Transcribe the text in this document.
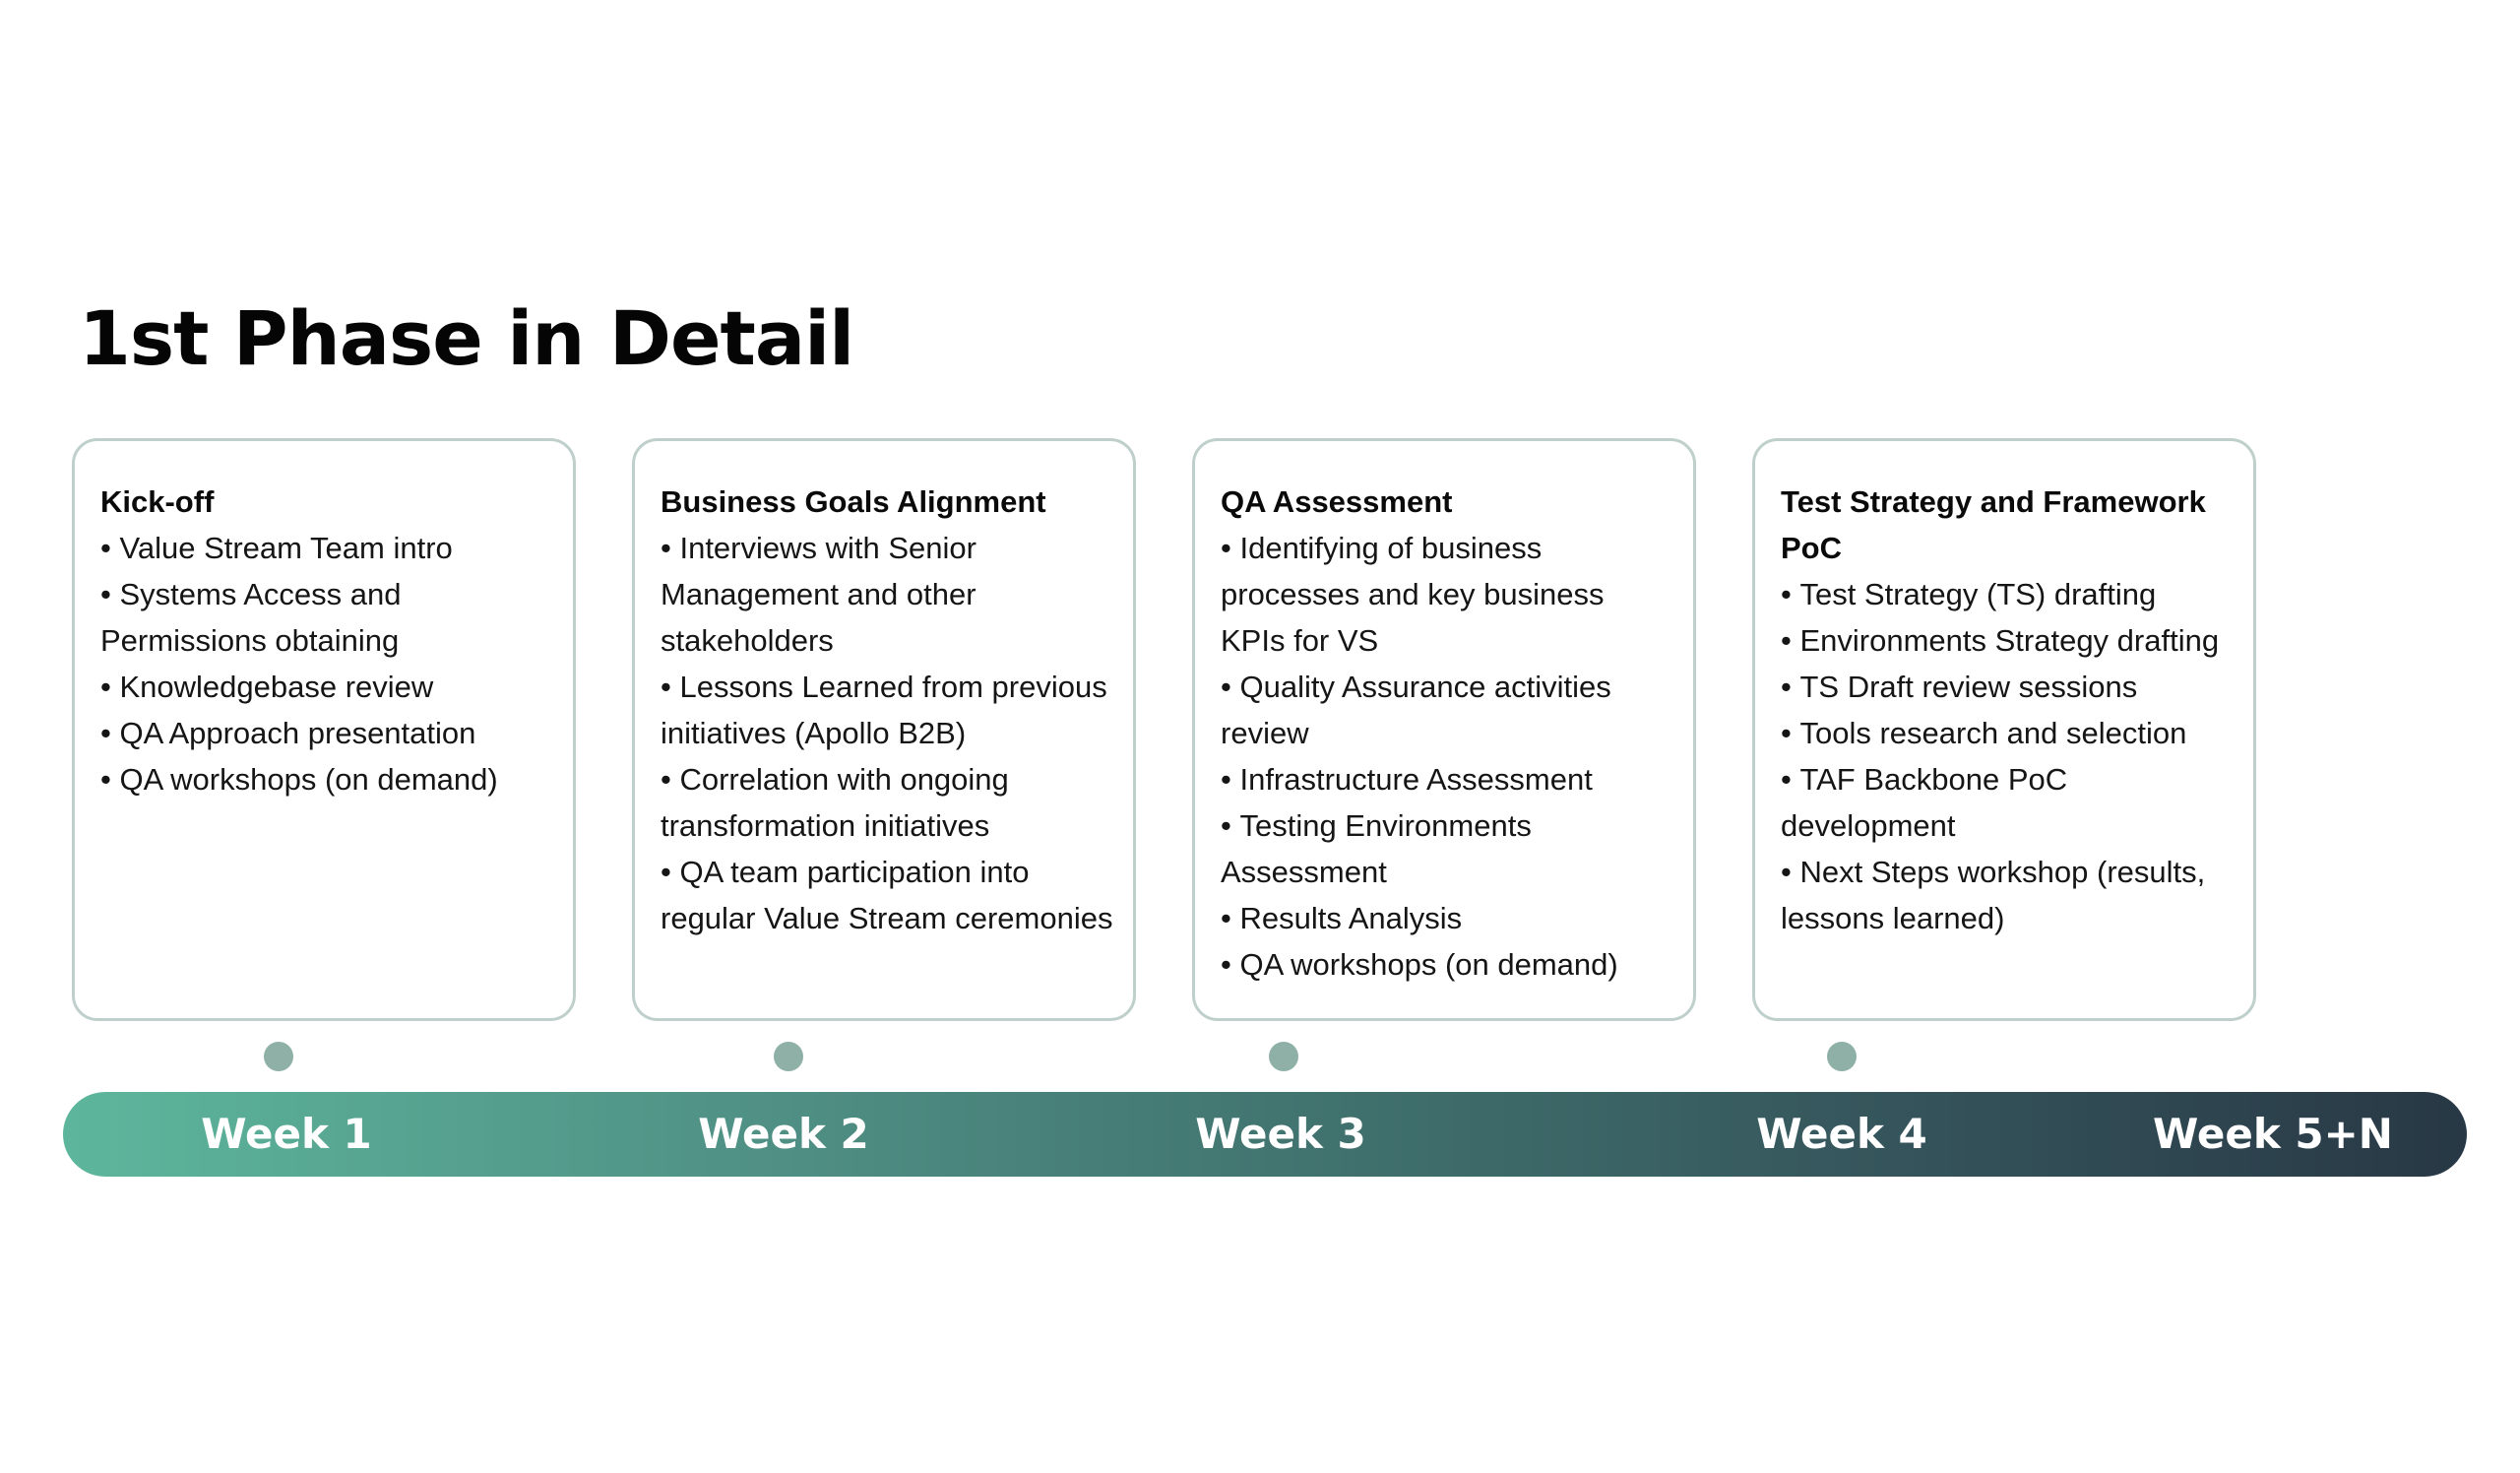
1st Phase in Detail
Kick-off
• Value Stream Team intro
• Systems Access and Permissions obtaining
• Knowledgebase review
• QA Approach presentation
• QA workshops (on demand)
Business Goals Alignment
• Interviews with Senior Management and other stakeholders
• Lessons Learned from previous initiatives (Apollo B2B)
• Correlation with ongoing transformation initiatives
• QA team participation into regular Value Stream ceremonies
QA Assessment
• Identifying of business processes and key business KPIs for VS
• Quality Assurance activities review
• Infrastructure Assessment
• Testing Environments Assessment
• Results Analysis
• QA workshops (on demand)
Test Strategy and Framework PoC
• Test Strategy (TS) drafting
• Environments Strategy drafting
• TS Draft review sessions
• Tools research and selection
• TAF Backbone PoC development
• Next Steps workshop (results, lessons learned)
Week 1	Week 2	Week 3	Week 4	Week 5+N
